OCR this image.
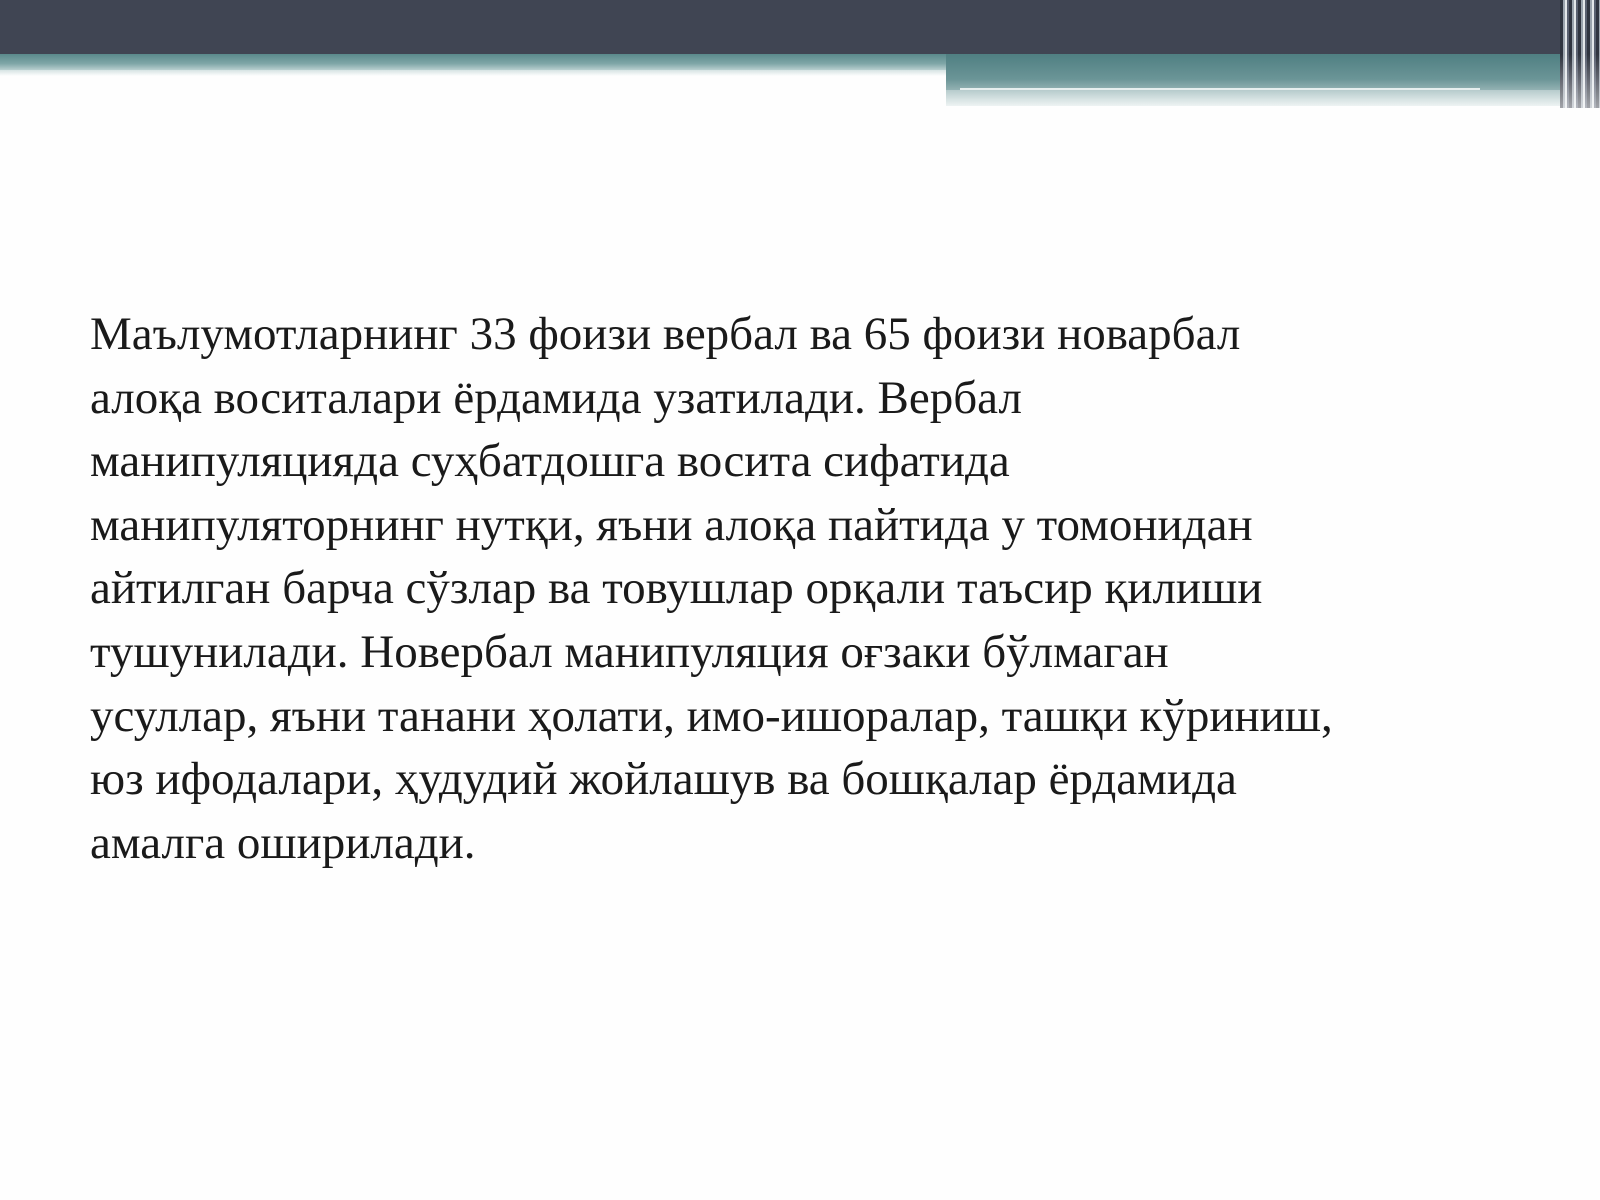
Маълумотларнинг 33 фоизи вербал ва 65 фоизи новарбал
алоқа воситалари ёрдамида узатилади. Вербал
манипуляцияда суҳбатдошга восита сифатида
манипуляторнинг нутқи, яъни алоқа пайтида у томонидан
айтилган барча сўзлар ва товушлар орқали таъсир қилиши
тушунилади. Новербал манипуляция оғзаки бўлмаган
усуллар, яъни танани ҳолати, имо-ишоралар, ташқи кўриниш,
юз ифодалари, ҳудудий жойлашув ва бошқалар ёрдамида
амалга оширилади.
